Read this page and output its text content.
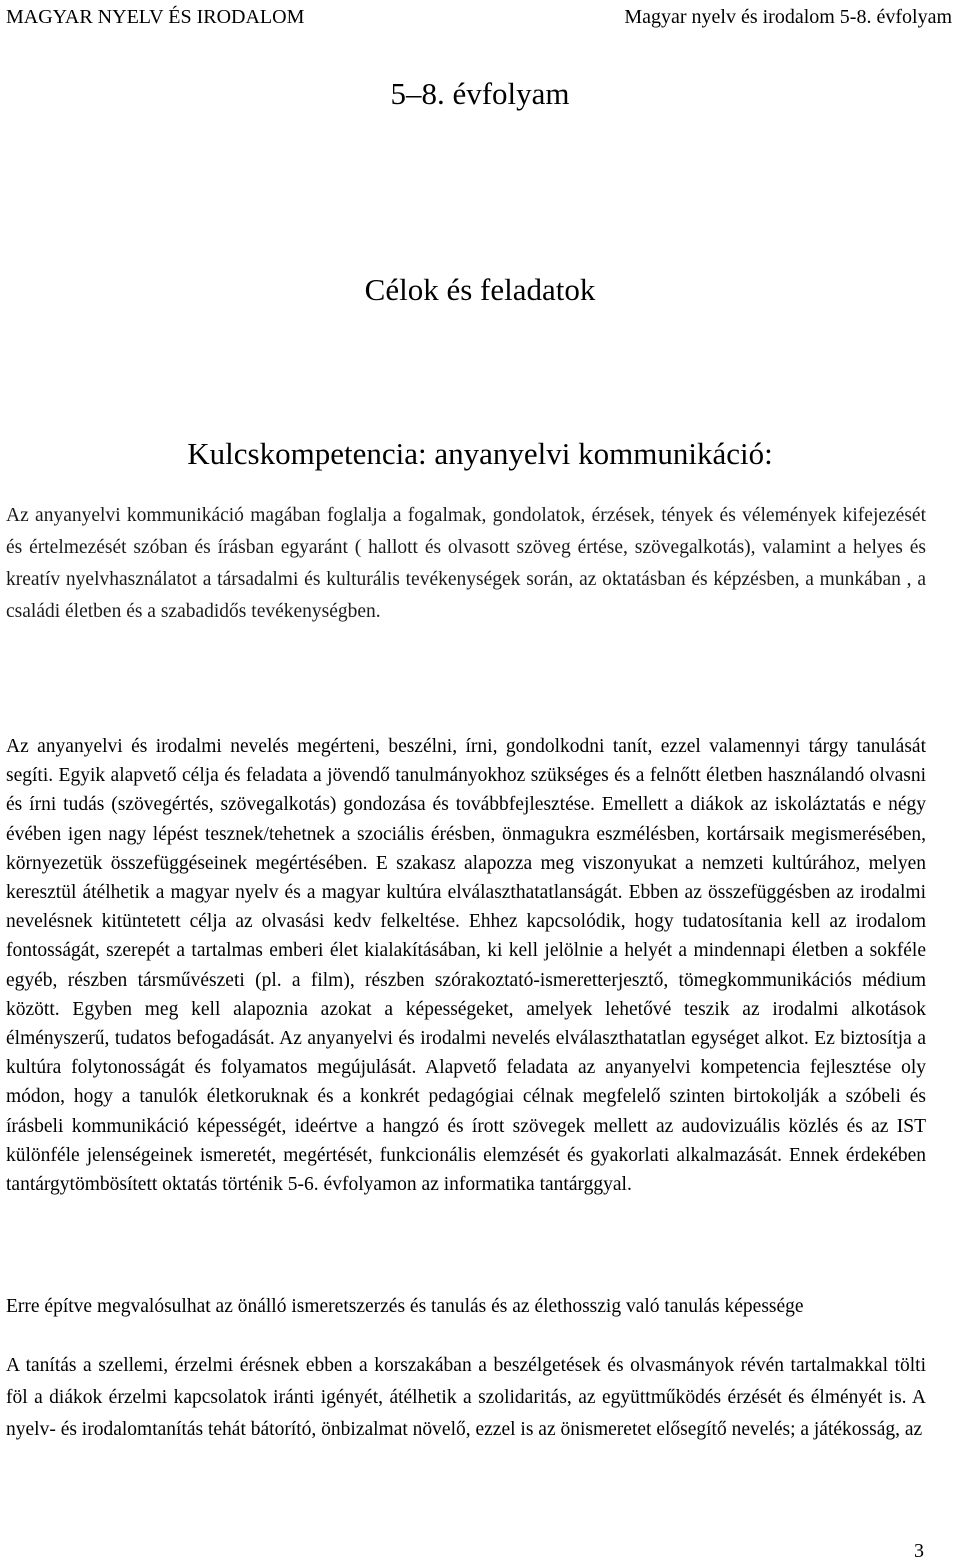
MAGYAR NYELV ÉS IRODALOM	Magyar nyelv és irodalom 5-8. évfolyam
5–8. évfolyam
Célok és feladatok
Kulcskompetencia: anyanyelvi kommunikáció:

Az anyanyelvi kommunikáció magában foglalja a fogalmak, gondolatok, érzések, tények és vélemények kifejezését és értelmezését szóban és írásban egyaránt ( hallott és olvasott szöveg értése, szövegalkotás), valamint a helyes és kreatív nyelvhasználatot a társadalmi és kulturális tevékenységek során, az oktatásban és képzésben, a munkában , a családi életben és a szabadidős tevékenységben.

Az anyanyelvi és irodalmi nevelés megérteni, beszélni, írni, gondolkodni tanít, ezzel valamennyi tárgy tanulását segíti. Egyik alapvető célja és feladata a jövendő tanulmányokhoz szükséges és a felnőtt életben használandó olvasni és írni tudás (szövegértés, szövegalkotás) gondozása és továbbfejlesztése. Emellett a diákok az iskoláztatás e négy évében igen nagy lépést tesznek/tehetnek a szociális érésben, önmagukra eszmélésben, kortársaik megismerésében, környezetük összefüggéseinek megértésében. E szakasz alapozza meg viszonyukat a nemzeti kultúrához, melyen keresztül átélhetik a magyar nyelv és a magyar kultúra elválaszthatatlanságát. Ebben az összefüggésben az irodalmi nevelésnek kitüntetett célja az olvasási kedv felkeltése. Ehhez kapcsolódik, hogy tudatosítania kell az irodalom fontosságát, szerepét a tartalmas emberi élet kialakításában, ki kell jelölnie a helyét a mindennapi életben a sokféle egyéb, részben társművészeti (pl. a film), részben szórakoztató-ismeretterjesztő, tömegkommunikációs médium között. Egyben meg kell alapoznia azokat a képességeket, amelyek lehetővé teszik az irodalmi alkotások élményszerű, tudatos befogadását. Az anyanyelvi és irodalmi nevelés elválaszthatatlan egységet alkot. Ez biztosítja a kultúra folytonosságát és folyamatos megújulását. Alapvető feladata az anyanyelvi kompetencia fejlesztése oly módon, hogy a tanulók életkoruknak és a konkrét pedagógiai célnak megfelelő szinten birtokolják a szóbeli és írásbeli kommunikáció képességét, ideértve a hangzó és írott szövegek mellett az audovizuális közlés és az IST különféle jelenségeinek ismeretét, megértését, funkcionális elemzését és gyakorlati alkalmazását. Ennek érdekében tantárgytömbösített oktatás történik 5-6. évfolyamon az informatika tantárggyal.

Erre építve megvalósulhat az önálló ismeretszerzés és tanulás és az élethosszig való tanulás képessége

A tanítás a szellemi, érzelmi érésnek ebben a korszakában a beszélgetések és olvasmányok révén tartalmakkal tölti föl a diákok érzelmi kapcsolatok iránti igényét, átélhetik a szolidaritás, az együttműködés érzését és élményét is. A nyelv- és irodalomtanítás tehát bátorító, önbizalmat növelő, ezzel is az önismeretet elősegítő nevelés; a játékosság, az

3
